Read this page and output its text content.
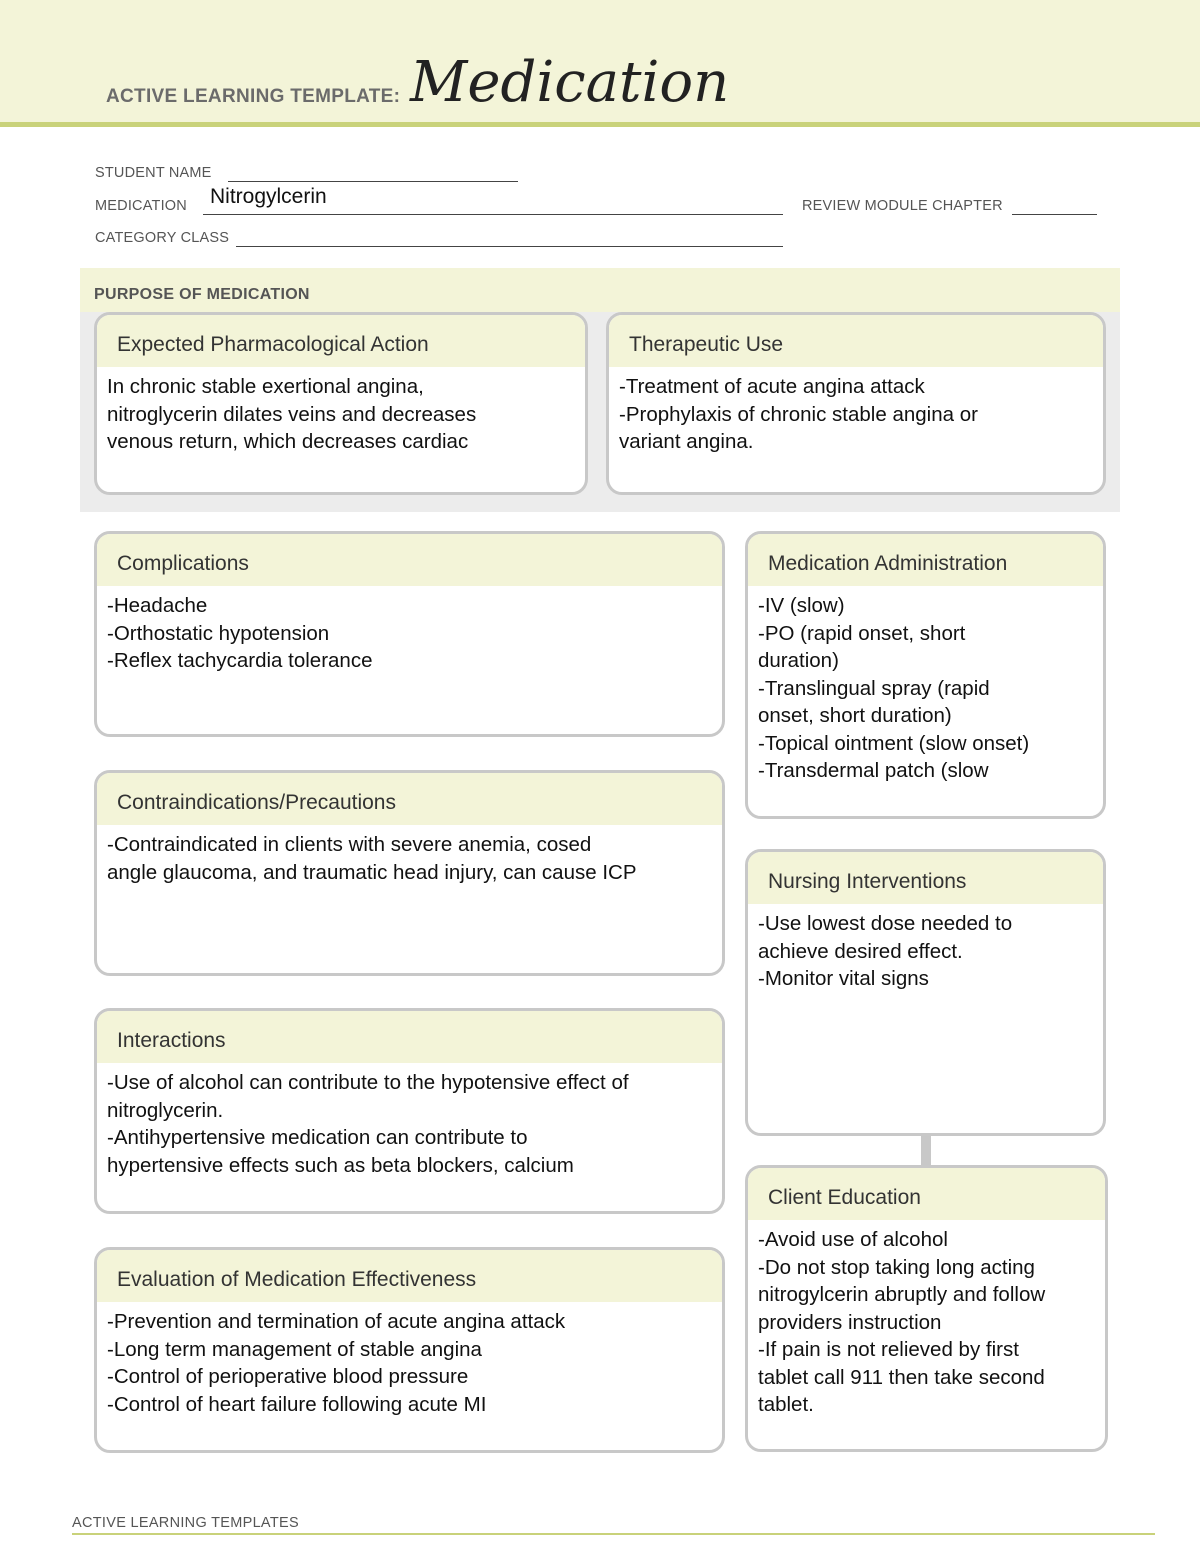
ACTIVE LEARNING TEMPLATE: Medication
STUDENT NAME
MEDICATION Nitrogylcerin	REVIEW MODULE CHAPTER
CATEGORY CLASS
PURPOSE OF MEDICATION
Expected Pharmacological Action
In chronic stable exertional angina,
nitroglycerin dilates veins and decreases
venous return, which decreases cardiac
Therapeutic Use
-Treatment of acute angina attack
-Prophylaxis of chronic stable angina or
variant angina.
Complications
-Headache
-Orthostatic hypotension
-Reflex tachycardia tolerance
Medication Administration
-IV (slow)
-PO (rapid onset, short
duration)
-Translingual spray (rapid
onset, short duration)
-Topical ointment (slow onset)
-Transdermal patch (slow
Contraindications/Precautions
-Contraindicated in clients with severe anemia, cosed
angle glaucoma, and traumatic head injury, can cause ICP	Nursing Interventions
-Use lowest dose needed to
achieve desired effect.
-Monitor vital signs
Interactions
-Use of alcohol can contribute to the hypotensive effect of
nitroglycerin.
-Antihypertensive medication can contribute to
hypertensive effects such as beta blockers, calcium
Client Education
-Avoid use of alcohol
-Do not stop taking long acting
nitrogylcerin abruptly and follow
providers instruction
-If pain is not relieved by first
tablet call 911 then take second
tablet.
Evaluation of Medication Effectiveness
-Prevention and termination of acute angina attack
-Long term management of stable angina
-Control of perioperative blood pressure
-Control of heart failure following acute MI
ACTIVE LEARNING TEMPLATES
